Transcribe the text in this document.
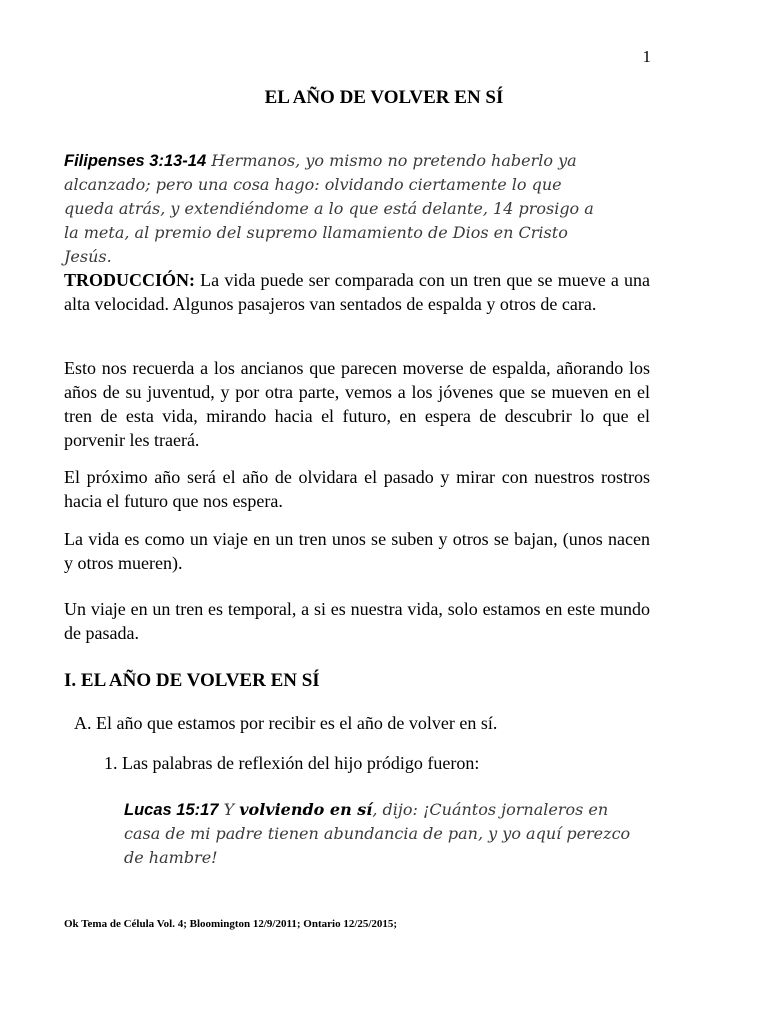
1
EL AÑO DE VOLVER EN SÍ
Filipenses 3:13-14 Hermanos, yo mismo no pretendo haberlo ya alcanzado; pero una cosa hago: olvidando ciertamente lo que queda atrás, y extendiéndome a lo que está delante, 14 prosigo a la meta, al premio del supremo llamamiento de Dios en Cristo Jesús.
TRODUCCIÓN: La vida puede ser comparada con un tren que se mueve a una alta velocidad. Algunos pasajeros van sentados de espalda y otros de cara.
Esto nos recuerda a los ancianos que parecen moverse de espalda, añorando los años de su juventud, y por otra parte, vemos a los jóvenes que se mueven en el tren de esta vida, mirando hacia el futuro, en espera de descubrir lo que el porvenir les traerá.
El próximo año será el año de olvidara el pasado y mirar con nuestros rostros hacia el futuro que nos espera.
La vida es como un viaje en un tren unos se suben y otros se bajan, (unos nacen y otros mueren).
Un viaje en un tren es temporal, a si es nuestra vida, solo estamos en este mundo de pasada.
I. EL AÑO DE VOLVER EN SÍ
A. El año que estamos por recibir es el año de volver en sí.
1. Las palabras de reflexión del hijo pródigo fueron:
Lucas 15:17 Y volviendo en sí, dijo: ¡Cuántos jornaleros en casa de mi padre tienen abundancia de pan, y yo aquí perezco de hambre!
Ok Tema de Célula Vol. 4; Bloomington 12/9/2011; Ontario 12/25/2015;
